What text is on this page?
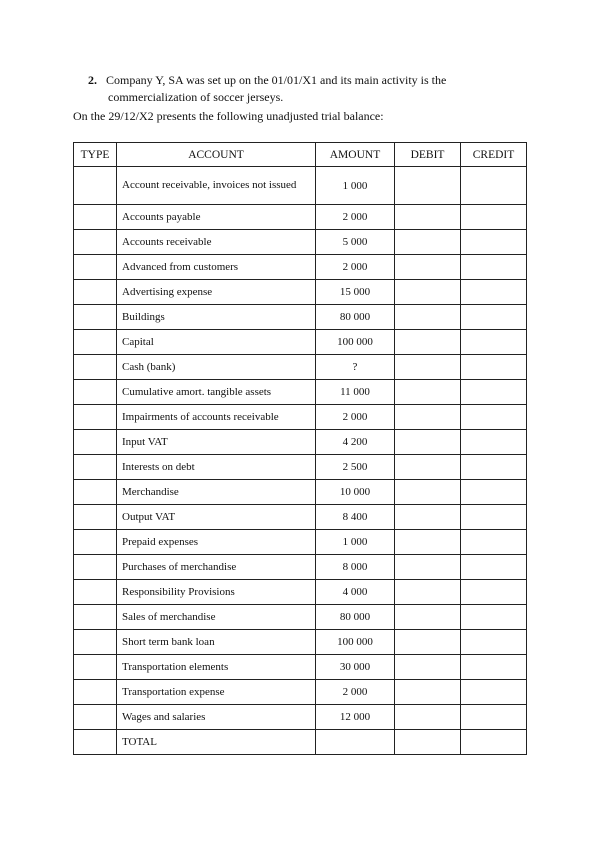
2. Company Y, SA was set up on the 01/01/X1 and its main activity is the
commercialization of soccer jerseys.
On the 29/12/X2 presents the following unadjusted trial balance:
TYPE	ACCOUNT	AMOUNT	DEBIT	CREDIT
	Account receivable, invoices not issued	1 000		
	Accounts payable	2 000		
	Accounts receivable	5 000		
	Advanced from customers	2 000		
	Advertising expense	15 000		
	Buildings	80 000		
	Capital	100 000		
	Cash (bank)	?		
	Cumulative amort. tangible assets	11 000		
	Impairments of accounts receivable	2 000		
	Input VAT	4 200		
	Interests on debt	2 500		
	Merchandise	10 000		
	Output VAT	8 400		
	Prepaid expenses	1 000		
	Purchases of merchandise	8 000		
	Responsibility Provisions	4 000		
	Sales of merchandise	80 000		
	Short term bank loan	100 000		
	Transportation elements	30 000		
	Transportation expense	2 000		
	Wages and salaries	12 000		
	TOTAL			
